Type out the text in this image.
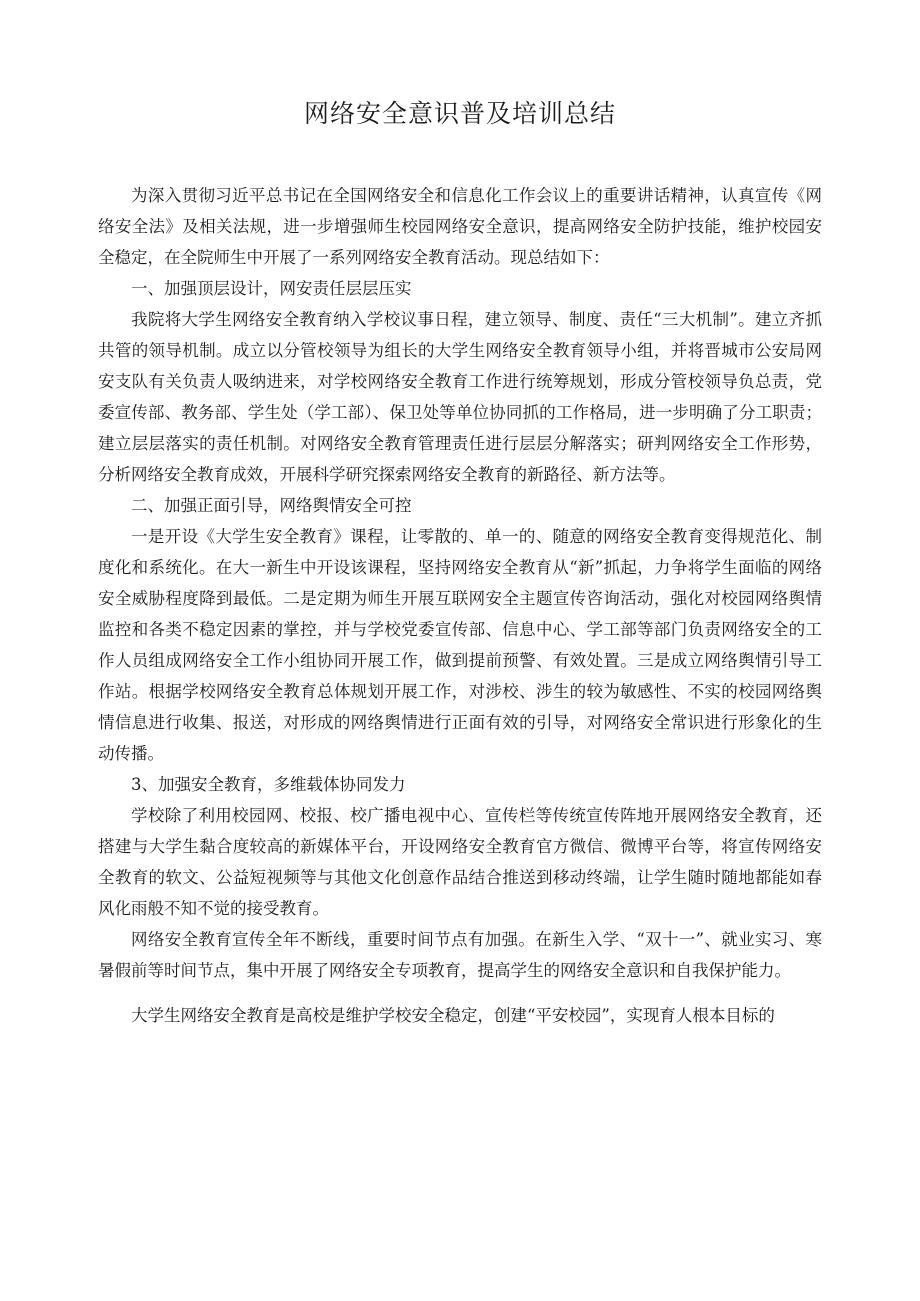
网络安全意识普及培训总结

为深入贯彻习近平总书记在全国网络安全和信息化工作会议上的重要讲话精神，认真宣传《网络安全法》及相关法规，进一步增强师生校园网络安全意识，提高网络安全防护技能，维护校园安全稳定，在全院师生中开展了一系列网络安全教育活动。现总结如下：

一、加强顶层设计，网安责任层层压实

我院将大学生网络安全教育纳入学校议事日程，建立领导、制度、责任“三大机制”。建立齐抓共管的领导机制。成立以分管校领导为组长的大学生网络安全教育领导小组，并将晋城市公安局网安支队有关负责人吸纳进来，对学校网络安全教育工作进行统筹规划，形成分管校领导负总责，党委宣传部、教务部、学生处（学工部）、保卫处等单位协同抓的工作格局，进一步明确了分工职责；建立层层落实的责任机制。对网络安全教育管理责任进行层层分解落实；研判网络安全工作形势，分析网络安全教育成效，开展科学研究探索网络安全教育的新路径、新方法等。

二、加强正面引导，网络舆情安全可控

一是开设《大学生安全教育》课程，让零散的、单一的、随意的网络安全教育变得规范化、制度化和系统化。在大一新生中开设该课程，坚持网络安全教育从“新”抓起，力争将学生面临的网络安全威胁程度降到最低。二是定期为师生开展互联网安全主题宣传咨询活动，强化对校园网络舆情监控和各类不稳定因素的掌控，并与学校党委宣传部、信息中心、学工部等部门负责网络安全的工作人员组成网络安全工作小组协同开展工作，做到提前预警、有效处置。三是成立网络舆情引导工作站。根据学校网络安全教育总体规划开展工作，对涉校、涉生的较为敏感性、不实的校园网络舆情信息进行收集、报送，对形成的网络舆情进行正面有效的引导，对网络安全常识进行形象化的生动传播。

3、加强安全教育，多维载体协同发力

学校除了利用校园网、校报、校广播电视中心、宣传栏等传统宣传阵地开展网络安全教育，还搭建与大学生黏合度较高的新媒体平台，开设网络安全教育官方微信、微博平台等，将宣传网络安全教育的软文、公益短视频等与其他文化创意作品结合推送到移动终端，让学生随时随地都能如春风化雨般不知不觉的接受教育。

网络安全教育宣传全年不断线，重要时间节点有加强。在新生入学、“双十一”、就业实习、寒暑假前等时间节点，集中开展了网络安全专项教育，提高学生的网络安全意识和自我保护能力。

大学生网络安全教育是高校是维护学校安全稳定，创建“平安校园”，实现育人根本目标的
